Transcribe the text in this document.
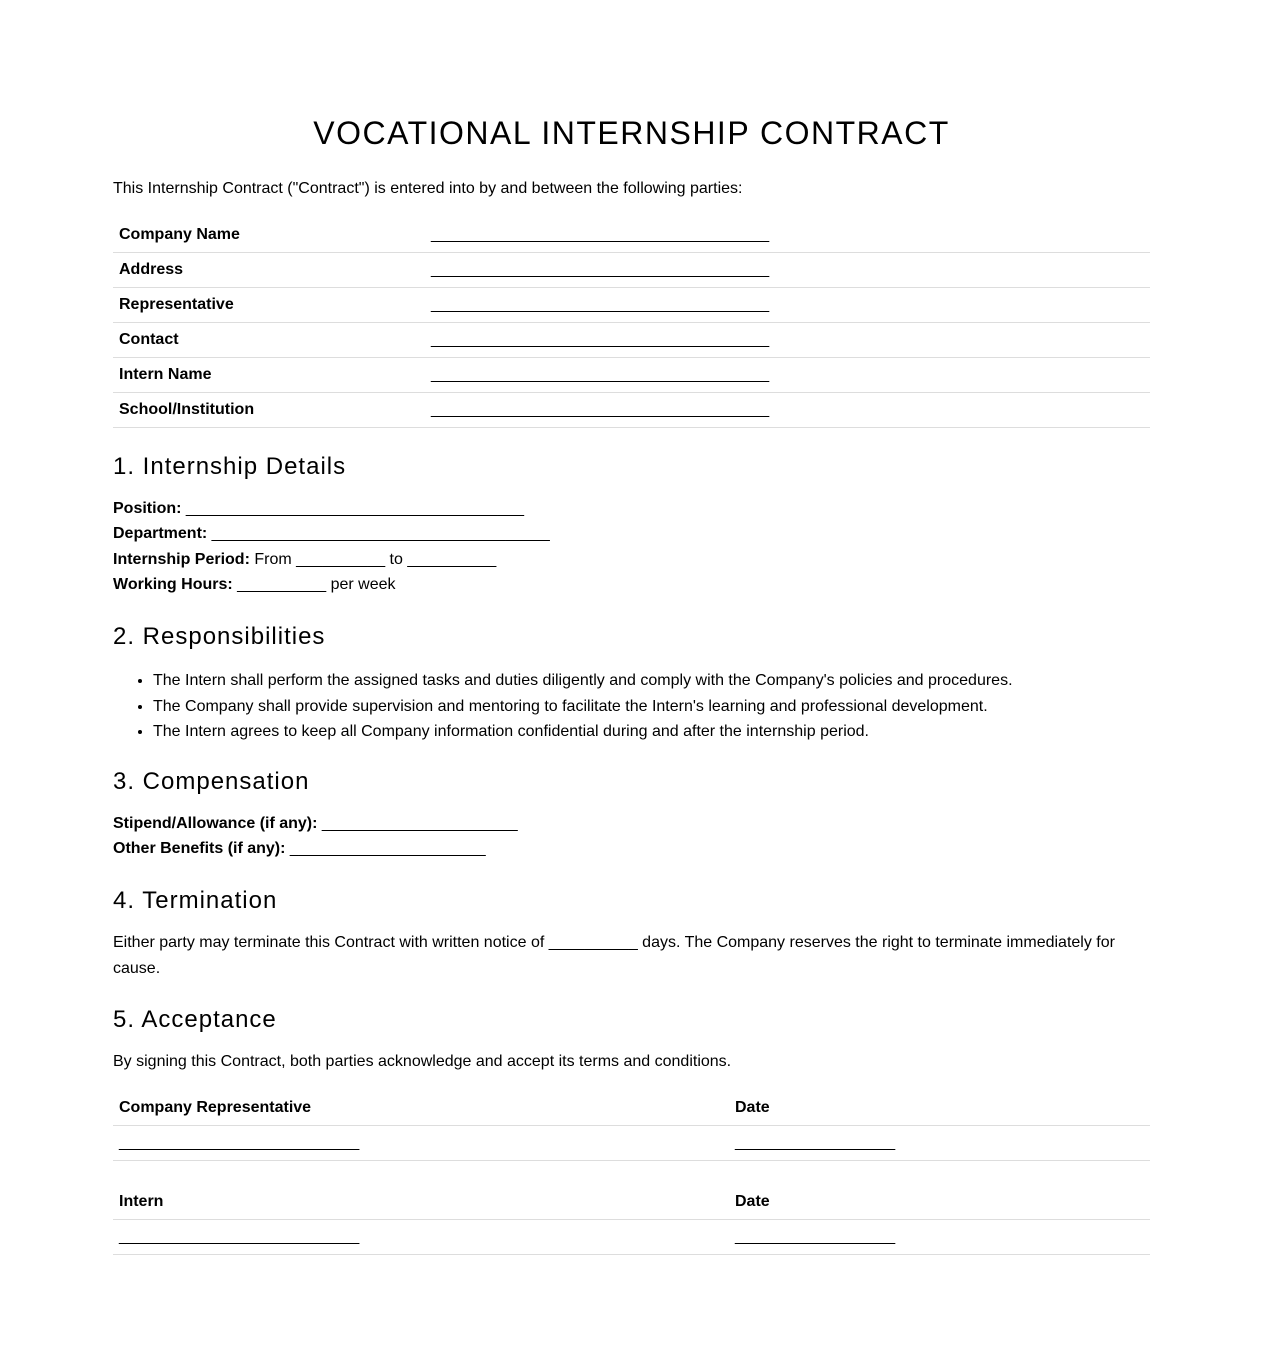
VOCATIONAL INTERNSHIP CONTRACT

This Internship Contract ("Contract") is entered into by and between the following parties:

Company Name	______________________________________
Address	______________________________________
Representative	______________________________________
Contact	______________________________________
Intern Name	______________________________________
School/Institution	______________________________________
1. Internship Details

Position: ______________________________________

Department: ______________________________________

Internship Period: From __________ to __________

Working Hours: __________ per week

2. Responsibilities
• The Intern shall perform the assigned tasks and duties diligently and comply with the Company's policies and procedures.
• The Company shall provide supervision and mentoring to facilitate the Intern's learning and professional development.
• The Intern agrees to keep all Company information confidential during and after the internship period.
3. Compensation

Stipend/Allowance (if any): ______________________

Other Benefits (if any): ______________________

4. Termination

Either party may terminate this Contract with written notice of __________ days. The Company reserves the right to terminate immediately for cause.

5. Acceptance

By signing this Contract, both parties acknowledge and accept its terms and conditions.

Company Representative	Date
___________________________	__________________
Intern	Date
___________________________	__________________
